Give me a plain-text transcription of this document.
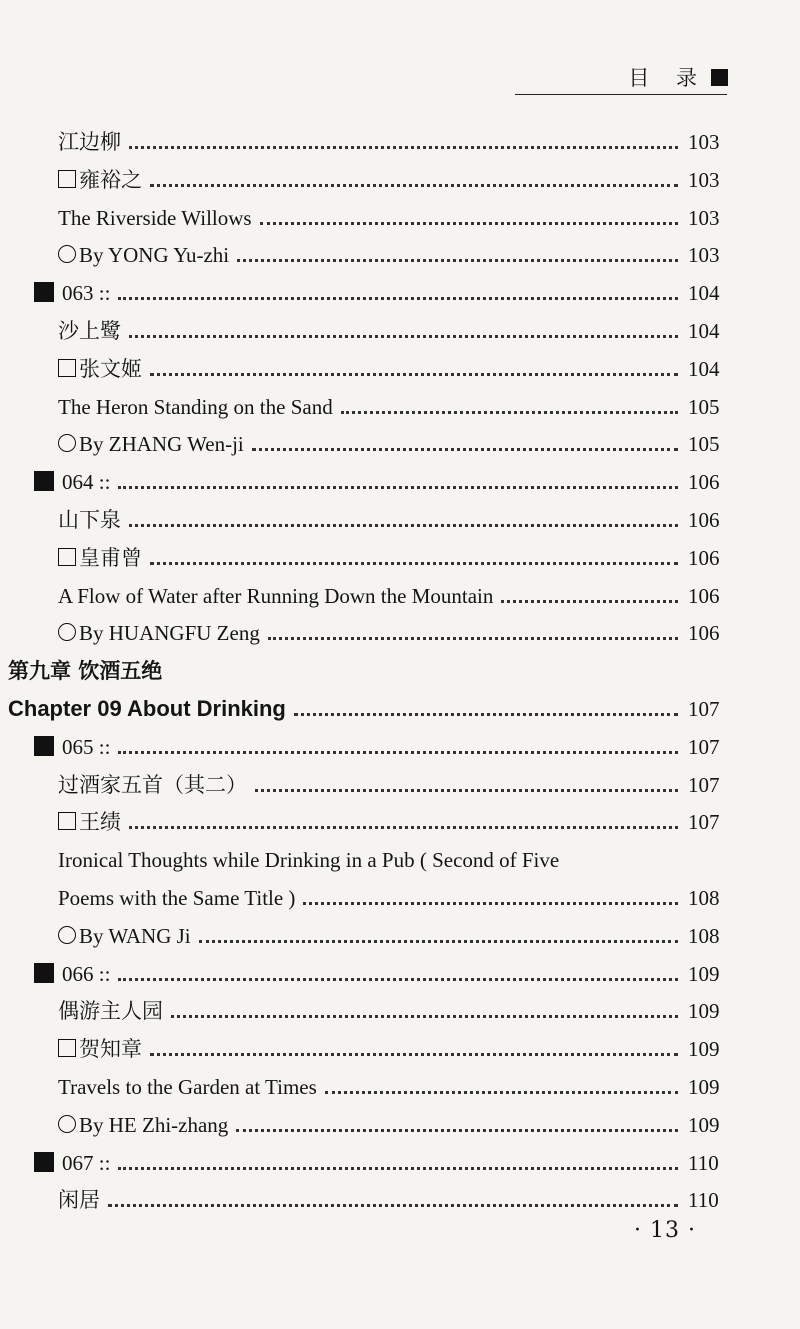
目 录
江边柳	103
雍裕之	103
The Riverside Willows	103
By YONG Yu-zhi	103
063 ::	104
沙上鹭	104
张文姬	104
The Heron Standing on the Sand	105
By ZHANG Wen-ji	105
064 ::	106
山下泉	106
皇甫曾	106
A Flow of Water after Running Down the Mountain	106
By HUANGFU Zeng	106
第九章 饮酒五绝
Chapter 09 About Drinking	107
065 ::	107
过酒家五首（其二）	107
王绩	107
Ironical Thoughts while Drinking in a Pub ( Second of Five
Poems with the Same Title )	108
By WANG Ji	108
066 ::	109
偶游主人园	109
贺知章	109
Travels to the Garden at Times	109
By HE Zhi-zhang	109
067 ::	110
闲居	110
· 13 ·
